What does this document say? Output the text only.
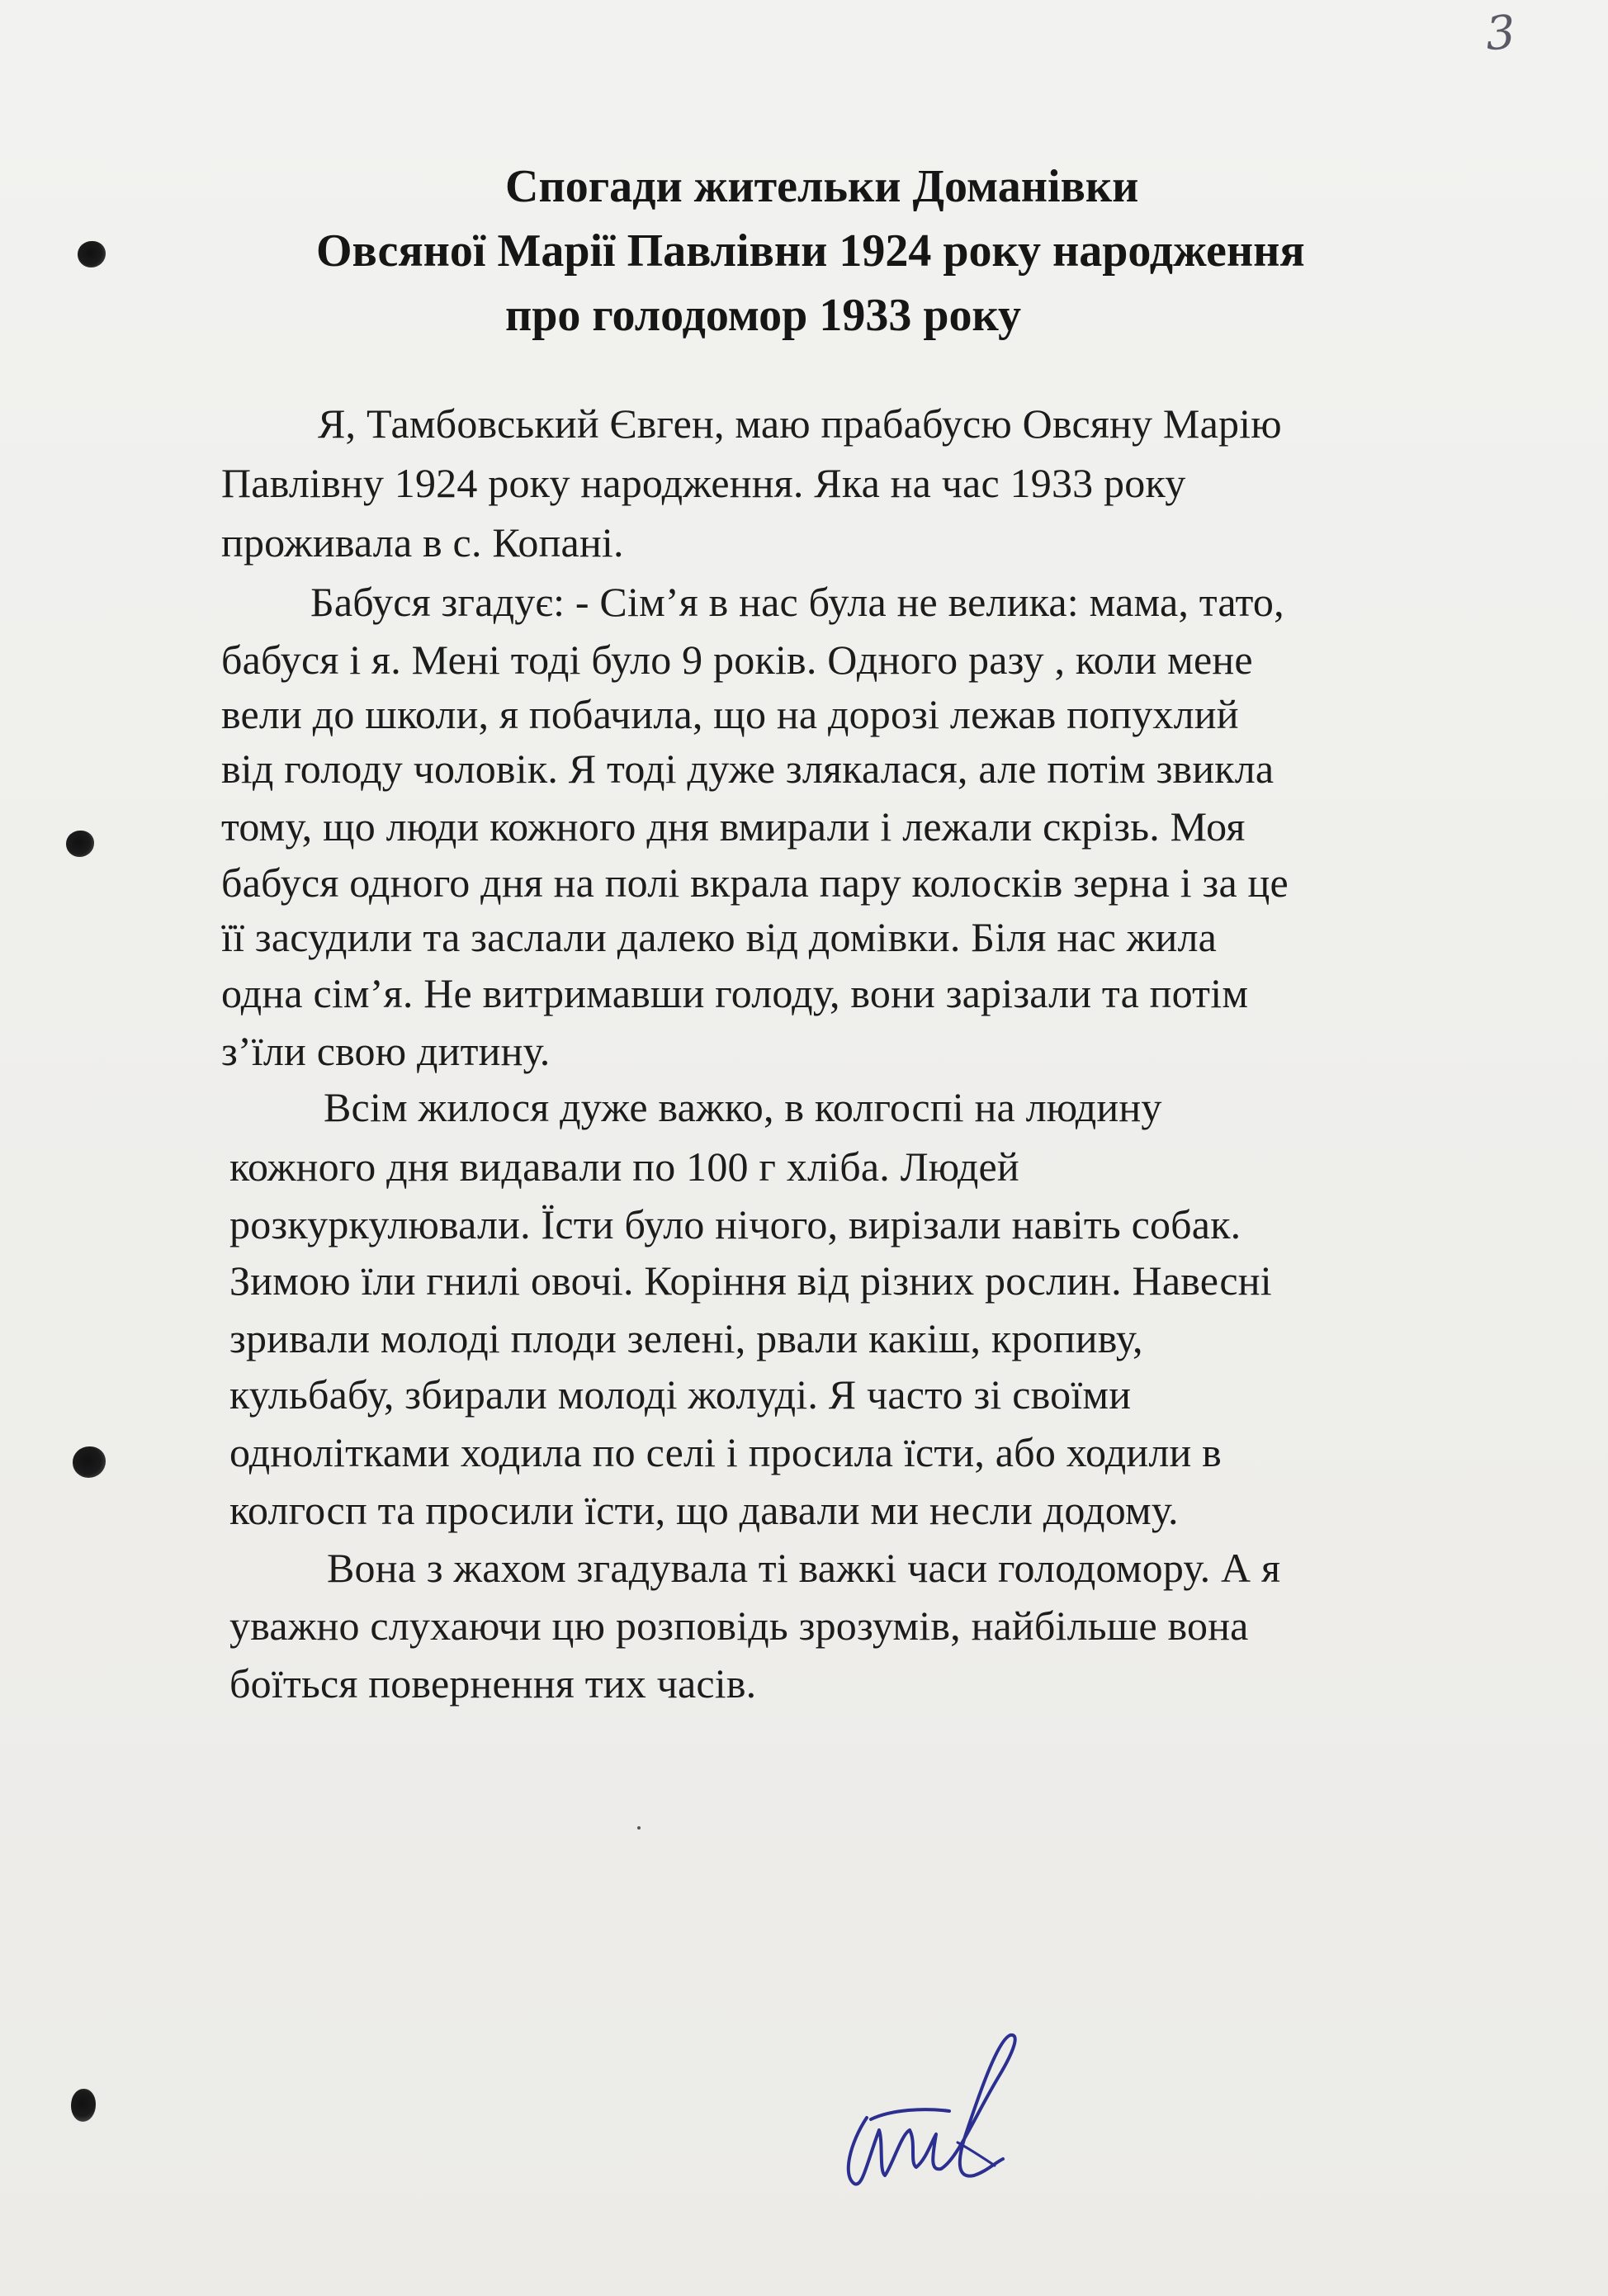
3
Спогади жительки Доманівки
Овсяної Марії Павлівни 1924 року народження
про голодомор 1933 року
Я, Тамбовський Євген, маю прабабусю Овсяну Марію
Павлівну 1924 року народження. Яка на час 1933 року
проживала в с. Копані.
Бабуся згадує: - Сім’я в нас була не велика: мама, тато,
бабуся і я. Мені тоді було 9 років. Одного разу , коли мене
вели до школи, я побачила, що на дорозі лежав попухлий
від голоду чоловік. Я тоді дуже злякалася, але потім звикла
тому, що люди кожного дня вмирали і лежали скрізь. Моя
бабуся одного дня на полі вкрала пару колосків зерна і за це
її засудили та заслали далеко від домівки. Біля нас жила
одна сім’я. Не витримавши голоду, вони зарізали та потім
з’їли свою дитину.
Всім жилося дуже важко, в колгоспі на людину
кожного дня видавали по 100 г хліба. Людей
розкуркулювали. Їсти було нічого, вирізали навіть собак.
Зимою їли гнилі овочі. Коріння від різних рослин. Навесні
зривали молоді плоди зелені, рвали какіш, кропиву,
кульбабу, збирали молоді жолуді. Я часто зі своїми
однолітками ходила по селі і просила їсти, або ходили в
колгосп та просили їсти, що давали ми несли додому.
Вона з жахом згадувала ті важкі часи голодомору. А я
уважно слухаючи цю розповідь зрозумів, найбільше вона
боїться повернення тих часів.
